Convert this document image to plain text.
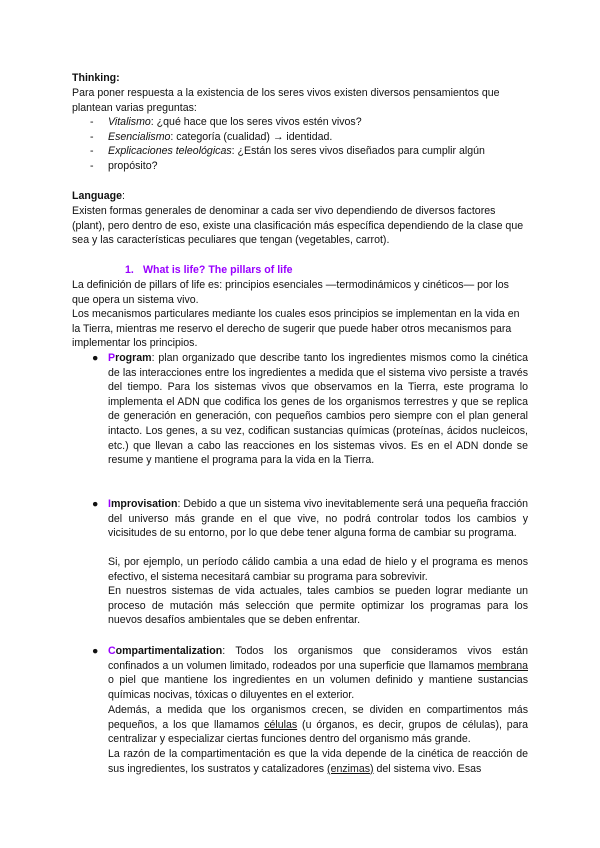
Thinking:
Para poner respuesta a la existencia de los seres vivos existen diversos pensamientos que plantean varias preguntas:
- Vitalismo: ¿qué hace que los seres vivos estén vivos?
- Esencialismo: categoría (cualidad) → identidad.
- Explicaciones teleológicas: ¿Están los seres vivos diseñados para cumplir algún
- propósito?
Language:
Existen formas generales de denominar a cada ser vivo dependiendo de diversos factores (plant), pero dentro de eso, existe una clasificación más específica dependiendo de la clase que sea y las características peculiares que tengan (vegetables, carrot).
1. What is life? The pillars of life
La definición de pillars of life es: principios esenciales —termodinámicos y cinéticos— por los que opera un sistema vivo.
Los mecanismos particulares mediante los cuales esos principios se implementan en la vida en la Tierra, mientras me reservo el derecho de sugerir que puede haber otros mecanismos para implementar los principios.
● Program: plan organizado que describe tanto los ingredientes mismos como la cinética de las interacciones entre los ingredientes a medida que el sistema vivo persiste a través del tiempo. Para los sistemas vivos que observamos en la Tierra, este programa lo implementa el ADN que codifica los genes de los organismos terrestres y que se replica de generación en generación, con pequeños cambios pero siempre con el plan general intacto. Los genes, a su vez, codifican sustancias químicas (proteínas, ácidos nucleicos, etc.) que llevan a cabo las reacciones en los sistemas vivos. Es en el ADN donde se resume y mantiene el programa para la vida en la Tierra.
● Improvisation: Debido a que un sistema vivo inevitablemente será una pequeña fracción del universo más grande en el que vive, no podrá controlar todos los cambios y vicisitudes de su entorno, por lo que debe tener alguna forma de cambiar su programa.
Si, por ejemplo, un período cálido cambia a una edad de hielo y el programa es menos efectivo, el sistema necesitará cambiar su programa para sobrevivir.
En nuestros sistemas de vida actuales, tales cambios se pueden lograr mediante un proceso de mutación más selección que permite optimizar los programas para los nuevos desafíos ambientales que se deben enfrentar.
● Compartimentalization: Todos los organismos que consideramos vivos están confinados a un volumen limitado, rodeados por una superficie que llamamos membrana o piel que mantiene los ingredientes en un volumen definido y mantiene sustancias químicas nocivas, tóxicas o diluyentes en el exterior.
Además, a medida que los organismos crecen, se dividen en compartimentos más pequeños, a los que llamamos células (u órganos, es decir, grupos de células), para centralizar y especializar ciertas funciones dentro del organismo más grande.
La razón de la compartimentación es que la vida depende de la cinética de reacción de sus ingredientes, los sustratos y catalizadores (enzimas) del sistema vivo. Esas
